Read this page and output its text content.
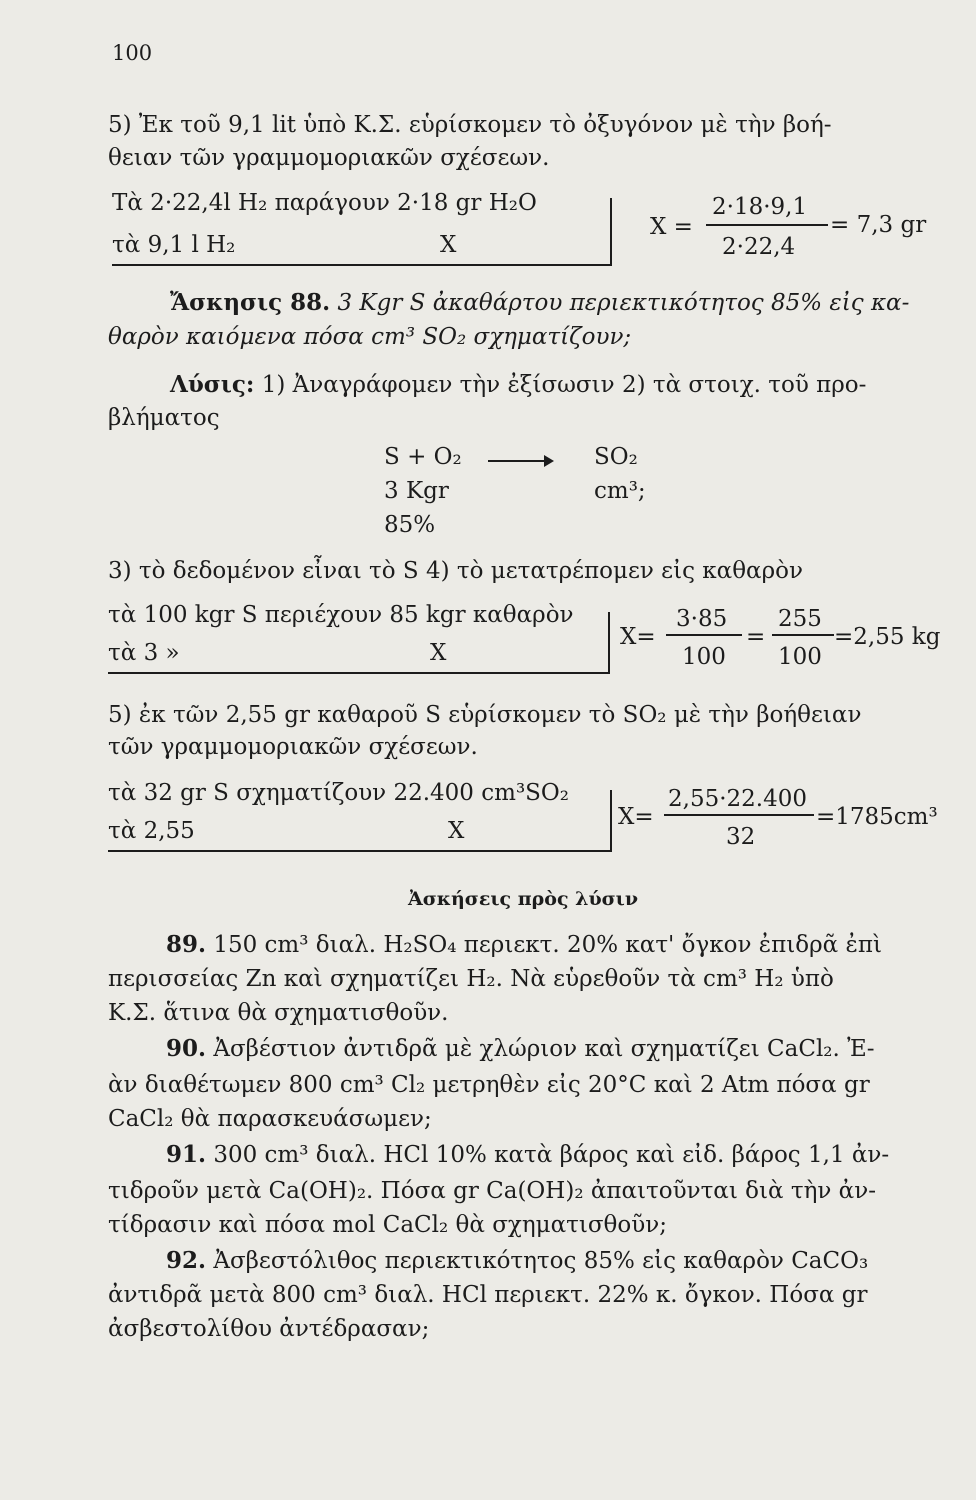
100
5) Ἐκ τοῦ 9,1 lit ὑπὸ Κ.Σ. εὑρίσκομεν τὸ ὀξυγόνον μὲ τὴν βοή-
θειαν τῶν γραμμομοριακῶν σχέσεων.
Τὰ 2·22,4l H₂ παράγουν 2·18 gr H₂O
τὰ 9,1 l H₂	X
X =
2·18·9,1
2·22,4
= 7,3 gr
Ἄσκησις 88. 3 Kgr S ἀκαθάρτου περιεκτικότητος 85% εἰς κα-
θαρὸν καιόμενα πόσα cm³ SO₂ σχηματίζουν;
Λύσις: 1) Ἀναγράφομεν τὴν ἐξίσωσιν 2) τὰ στοιχ. τοῦ προ-
βλήματος
S + O₂	SO₂
3 Kgr	cm³;
85%
3) τὸ δεδομένον εἶναι τὸ S 4) τὸ μετατρέπομεν εἰς καθαρὸν
τὰ 100 kgr S περιέχουν 85 kgr καθαρὸν
τὰ 3 »	X
X=
3·85
100
=
255
100
=2,55 kg
5) ἐκ τῶν 2,55 gr καθαροῦ S εὑρίσκομεν τὸ SO₂ μὲ τὴν βοήθειαν
τῶν γραμμομοριακῶν σχέσεων.
τὰ 32 gr S σχηματίζουν 22.400 cm³SO₂
τὰ 2,55	X
X=
2,55·22.400
32
=1785cm³
Ἀσκήσεις πρὸς λύσιν
89. 150 cm³ διαλ. H₂SO₄ περιεκτ. 20% κατ' ὄγκον ἐπιδρᾶ ἐπὶ
περισσείας Zn καὶ σχηματίζει H₂. Νὰ εὑρεθοῦν τὰ cm³ H₂ ὑπὸ
Κ.Σ. ἅτινα θὰ σχηματισθοῦν.
90. Ἀσβέστιον ἀντιδρᾶ μὲ χλώριον καὶ σχηματίζει CaCl₂. Ἐ-
ὰν διαθέτωμεν 800 cm³ Cl₂ μετρηθὲν εἰς 20°C καὶ 2 Atm πόσα gr
CaCl₂ θὰ παρασκευάσωμεν;
91. 300 cm³ διαλ. HCl 10% κατὰ βάρος καὶ εἰδ. βάρος 1,1 ἀν-
τιδροῦν μετὰ Ca(OH)₂. Πόσα gr Ca(OH)₂ ἀπαιτοῦνται διὰ τὴν ἀν-
τίδρασιν καὶ πόσα mol CaCl₂ θὰ σχηματισθοῦν;
92. Ἀσβεστόλιθος περιεκτικότητος 85% εἰς καθαρὸν CaCO₃
ἀντιδρᾶ μετὰ 800 cm³ διαλ. HCl περιεκτ. 22% κ. ὄγκον. Πόσα gr
ἀσβεστολίθου ἀντέδρασαν;
